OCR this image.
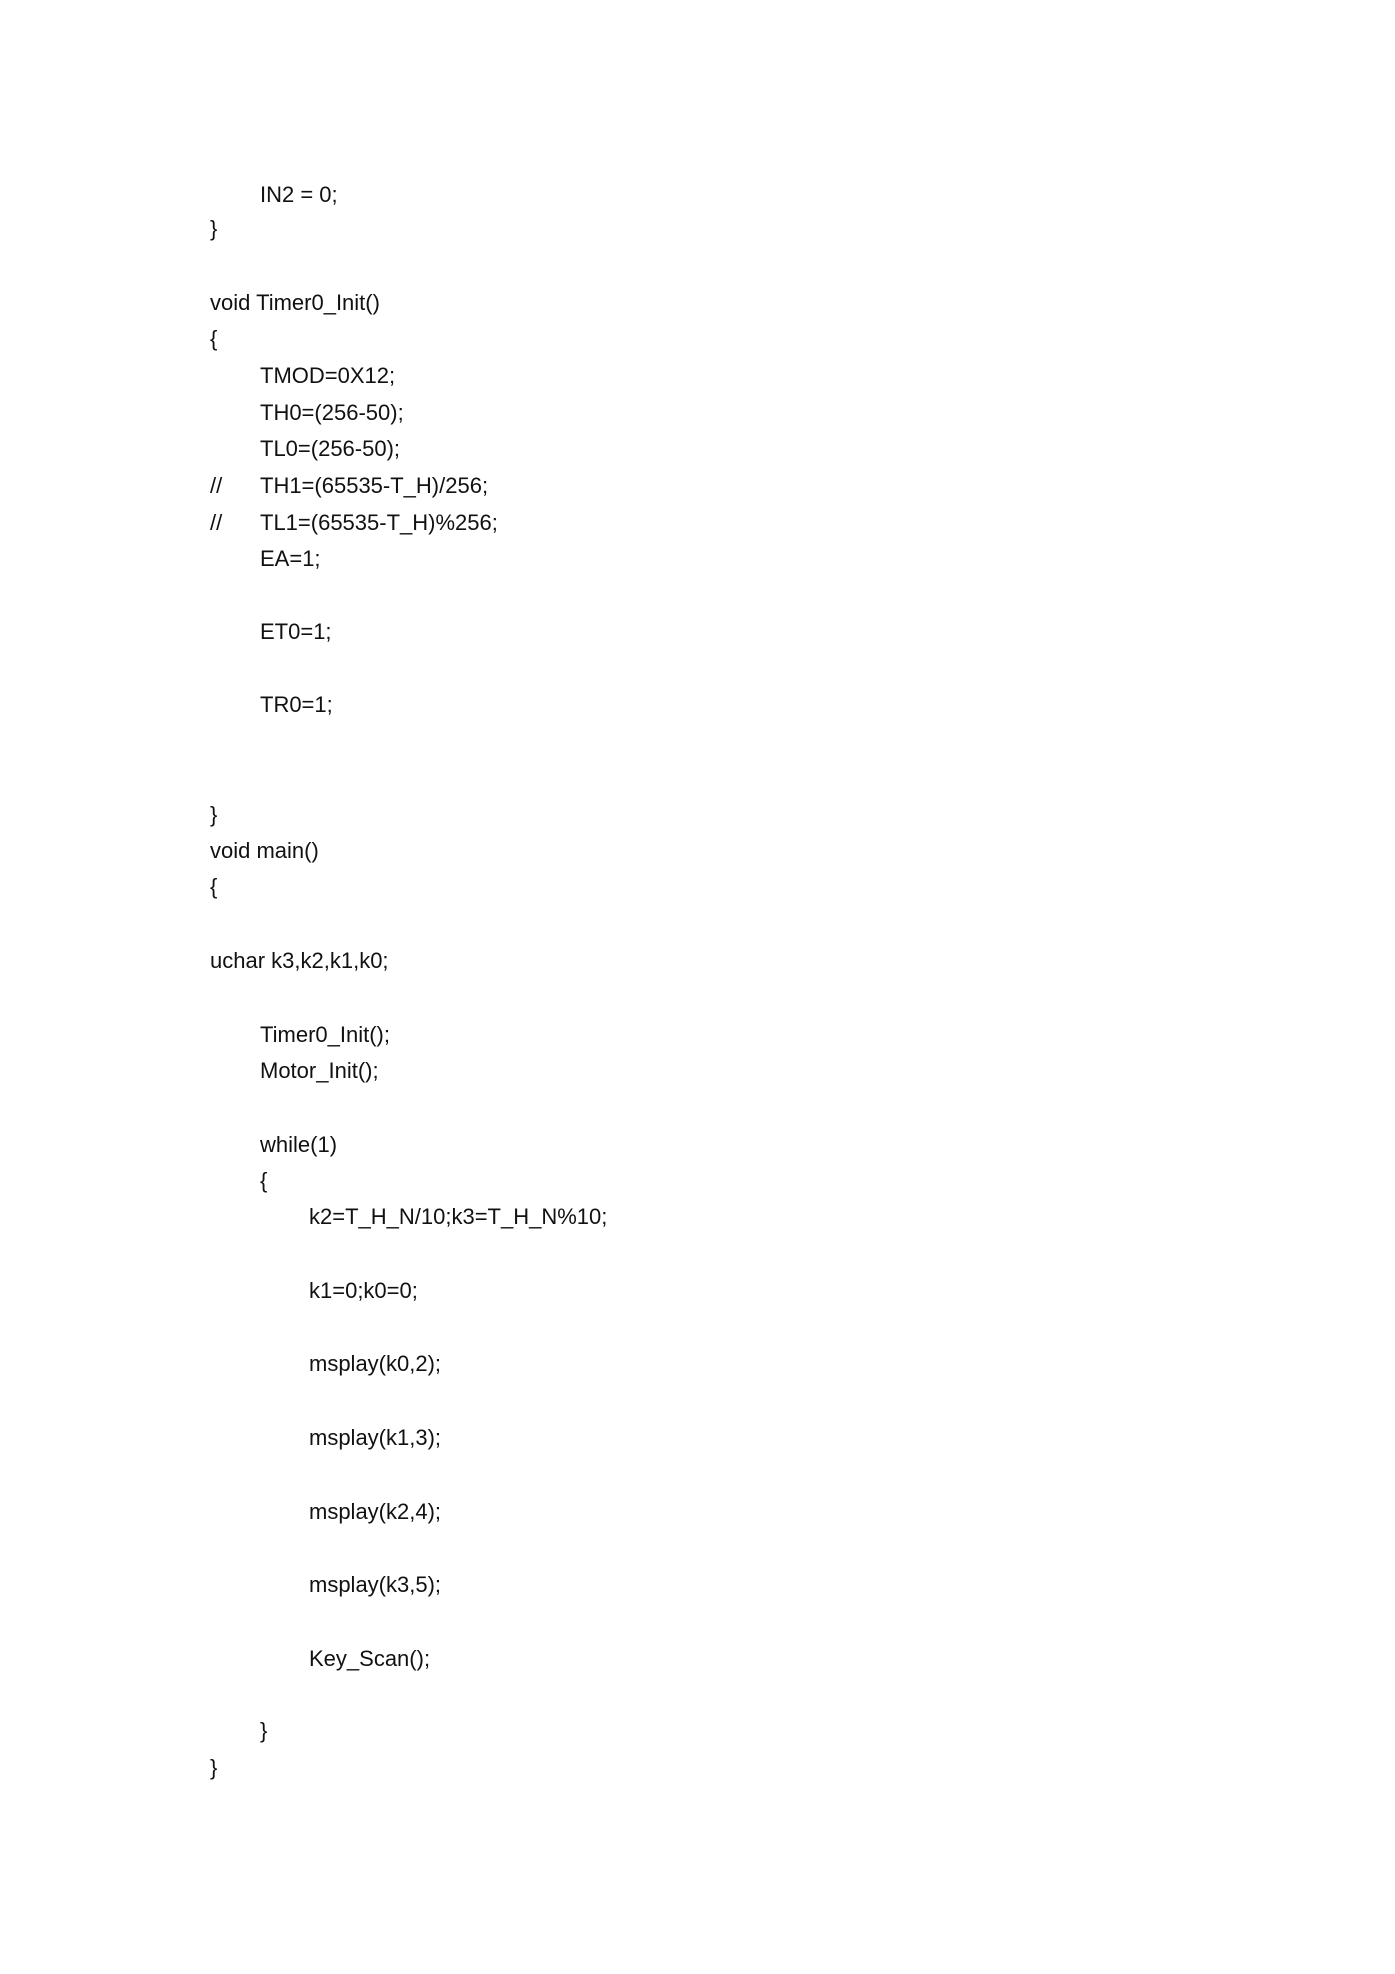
IN2 = 0;
}
void Timer0_Init()
{
TMOD=0X12;
TH0=(256-50);
TL0=(256-50);
// TH1=(65535-T_H)/256;
// TL1=(65535-T_H)%256;
EA=1;
ET0=1;
TR0=1;
}
void main()
{
uchar k3,k2,k1,k0;
Timer0_Init();
Motor_Init();
while(1)
{
k2=T_H_N/10;k3=T_H_N%10;
k1=0;k0=0;
msplay(k0,2);
msplay(k1,3);
msplay(k2,4);
msplay(k3,5);
Key_Scan();
}
}
